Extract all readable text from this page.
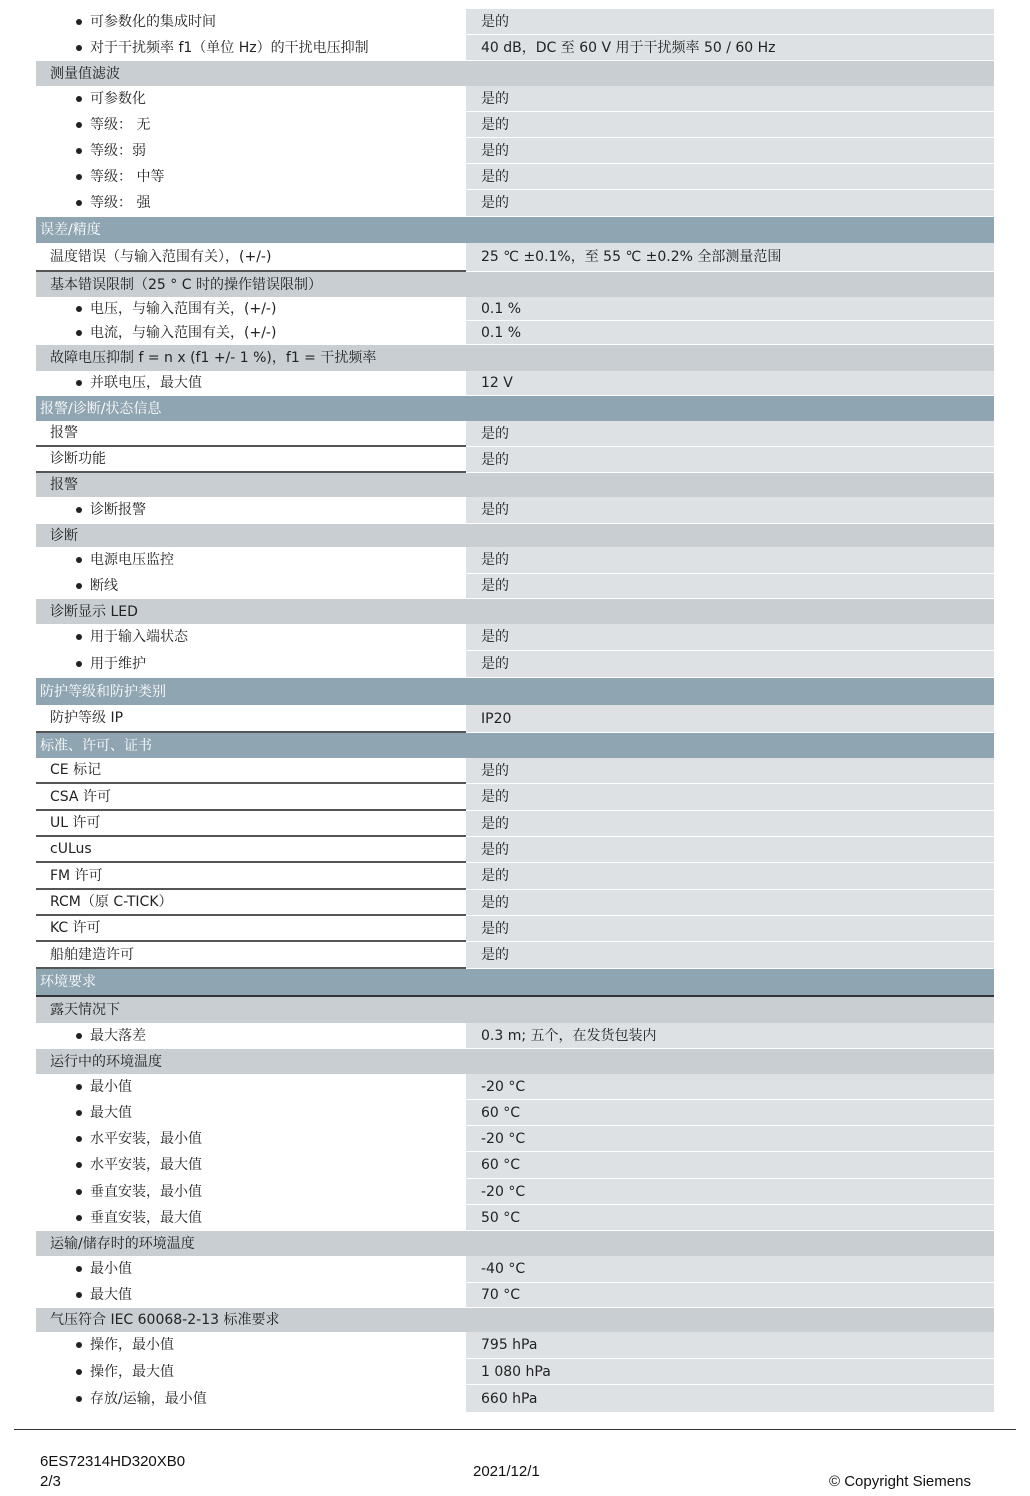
可参数化的集成时间	是的
对于干扰频率 f1（单位 Hz）的干扰电压抑制	40 dB，DC 至 60 V 用于干扰频率 50 / 60 Hz
测量值滤波
可参数化	是的
等级： 无	是的
等级：弱	是的
等级： 中等	是的
等级： 强	是的
误差/精度
温度错误（与输入范围有关），(+/-)	25 ℃ ±0.1%，至 55 ℃ ±0.2% 全部测量范围
基本错误限制（25 ° C 时的操作错误限制）
电压，与输入范围有关，(+/-)	0.1 %
电流，与输入范围有关，(+/-)	0.1 %
故障电压抑制 f = n x (f1 +/- 1 %)，f1 = 干扰频率
并联电压，最大值	12 V
报警/诊断/状态信息
报警	是的
诊断功能	是的
报警
诊断报警	是的
诊断
电源电压监控	是的
断线	是的
诊断显示 LED
用于输入端状态	是的
用于维护	是的
防护等级和防护类别
防护等级 IP	IP20
标准、许可、证书
CE 标记	是的
CSA 许可	是的
UL 许可	是的
cULus	是的
FM 许可	是的
RCM（原 C-TICK）	是的
KC 许可	是的
船舶建造许可	是的
环境要求
露天情况下
最大落差	0.3 m; 五个，在发货包装内
运行中的环境温度
最小值	-20 °C
最大值	60 °C
水平安装，最小值	-20 °C
水平安装，最大值	60 °C
垂直安装，最小值	-20 °C
垂直安装，最大值	50 °C
运输/储存时的环境温度
最小值	-40 °C
最大值	70 °C
气压符合 IEC 60068-2-13 标准要求
操作，最小值	795 hPa
操作，最大值	1 080 hPa
存放/运输，最小值	660 hPa
6ES72314HD320XB0
2/3
2021/12/1
© Copyright Siemens
